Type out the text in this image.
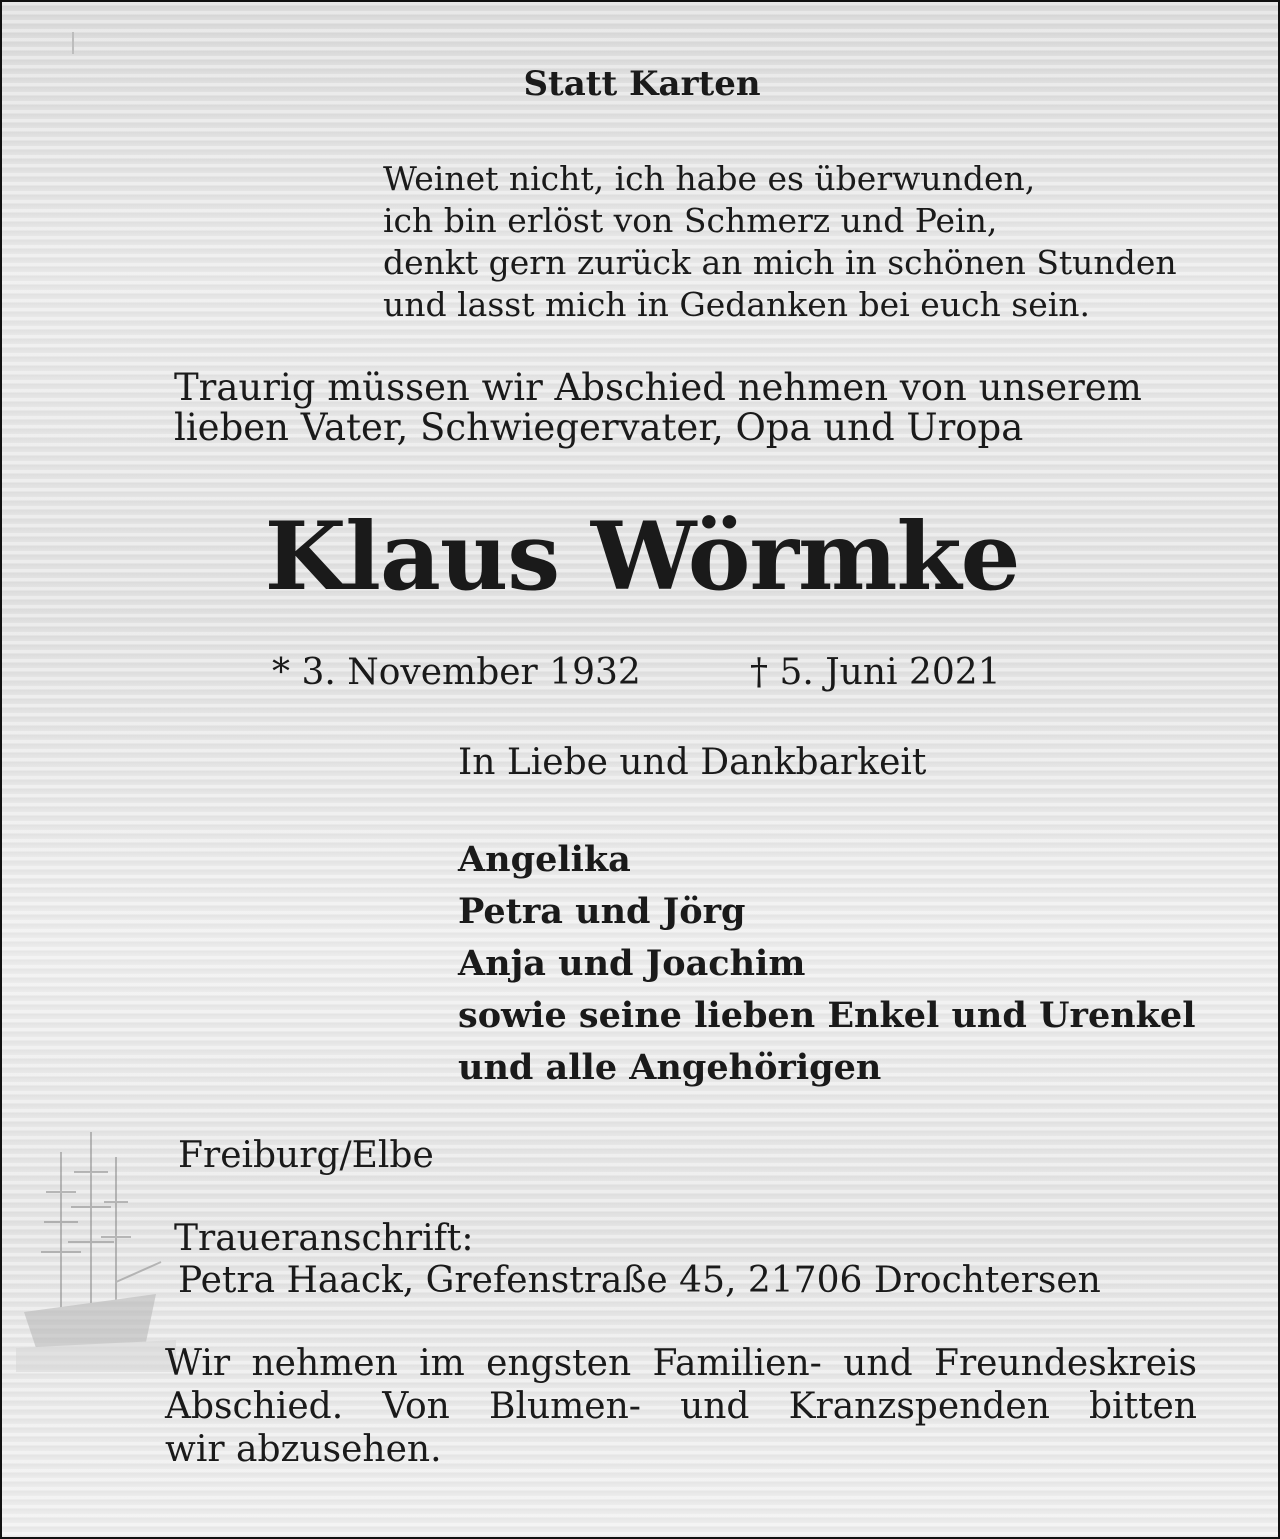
Statt Karten
Weinet nicht, ich habe es überwunden,
ich bin erlöst von Schmerz und Pein,
denkt gern zurück an mich in schönen Stunden
und lasst mich in Gedanken bei euch sein.
Traurig müssen wir Abschied nehmen von unserem
lieben Vater, Schwiegervater, Opa und Uropa
Klaus Wörmke
* 3. November 1932	† 5. Juni 2021
In Liebe und Dankbarkeit
Angelika
Petra und Jörg
Anja und Joachim
sowie seine lieben Enkel und Urenkel
und alle Angehörigen
Freiburg/Elbe
Traueranschrift:
Petra Haack, Grefenstraße 45, 21706 Drochtersen
Wir nehmen im engsten Familien- und Freundeskreis
Abschied. Von Blumen- und Kranzspenden bitten
wir abzusehen.
